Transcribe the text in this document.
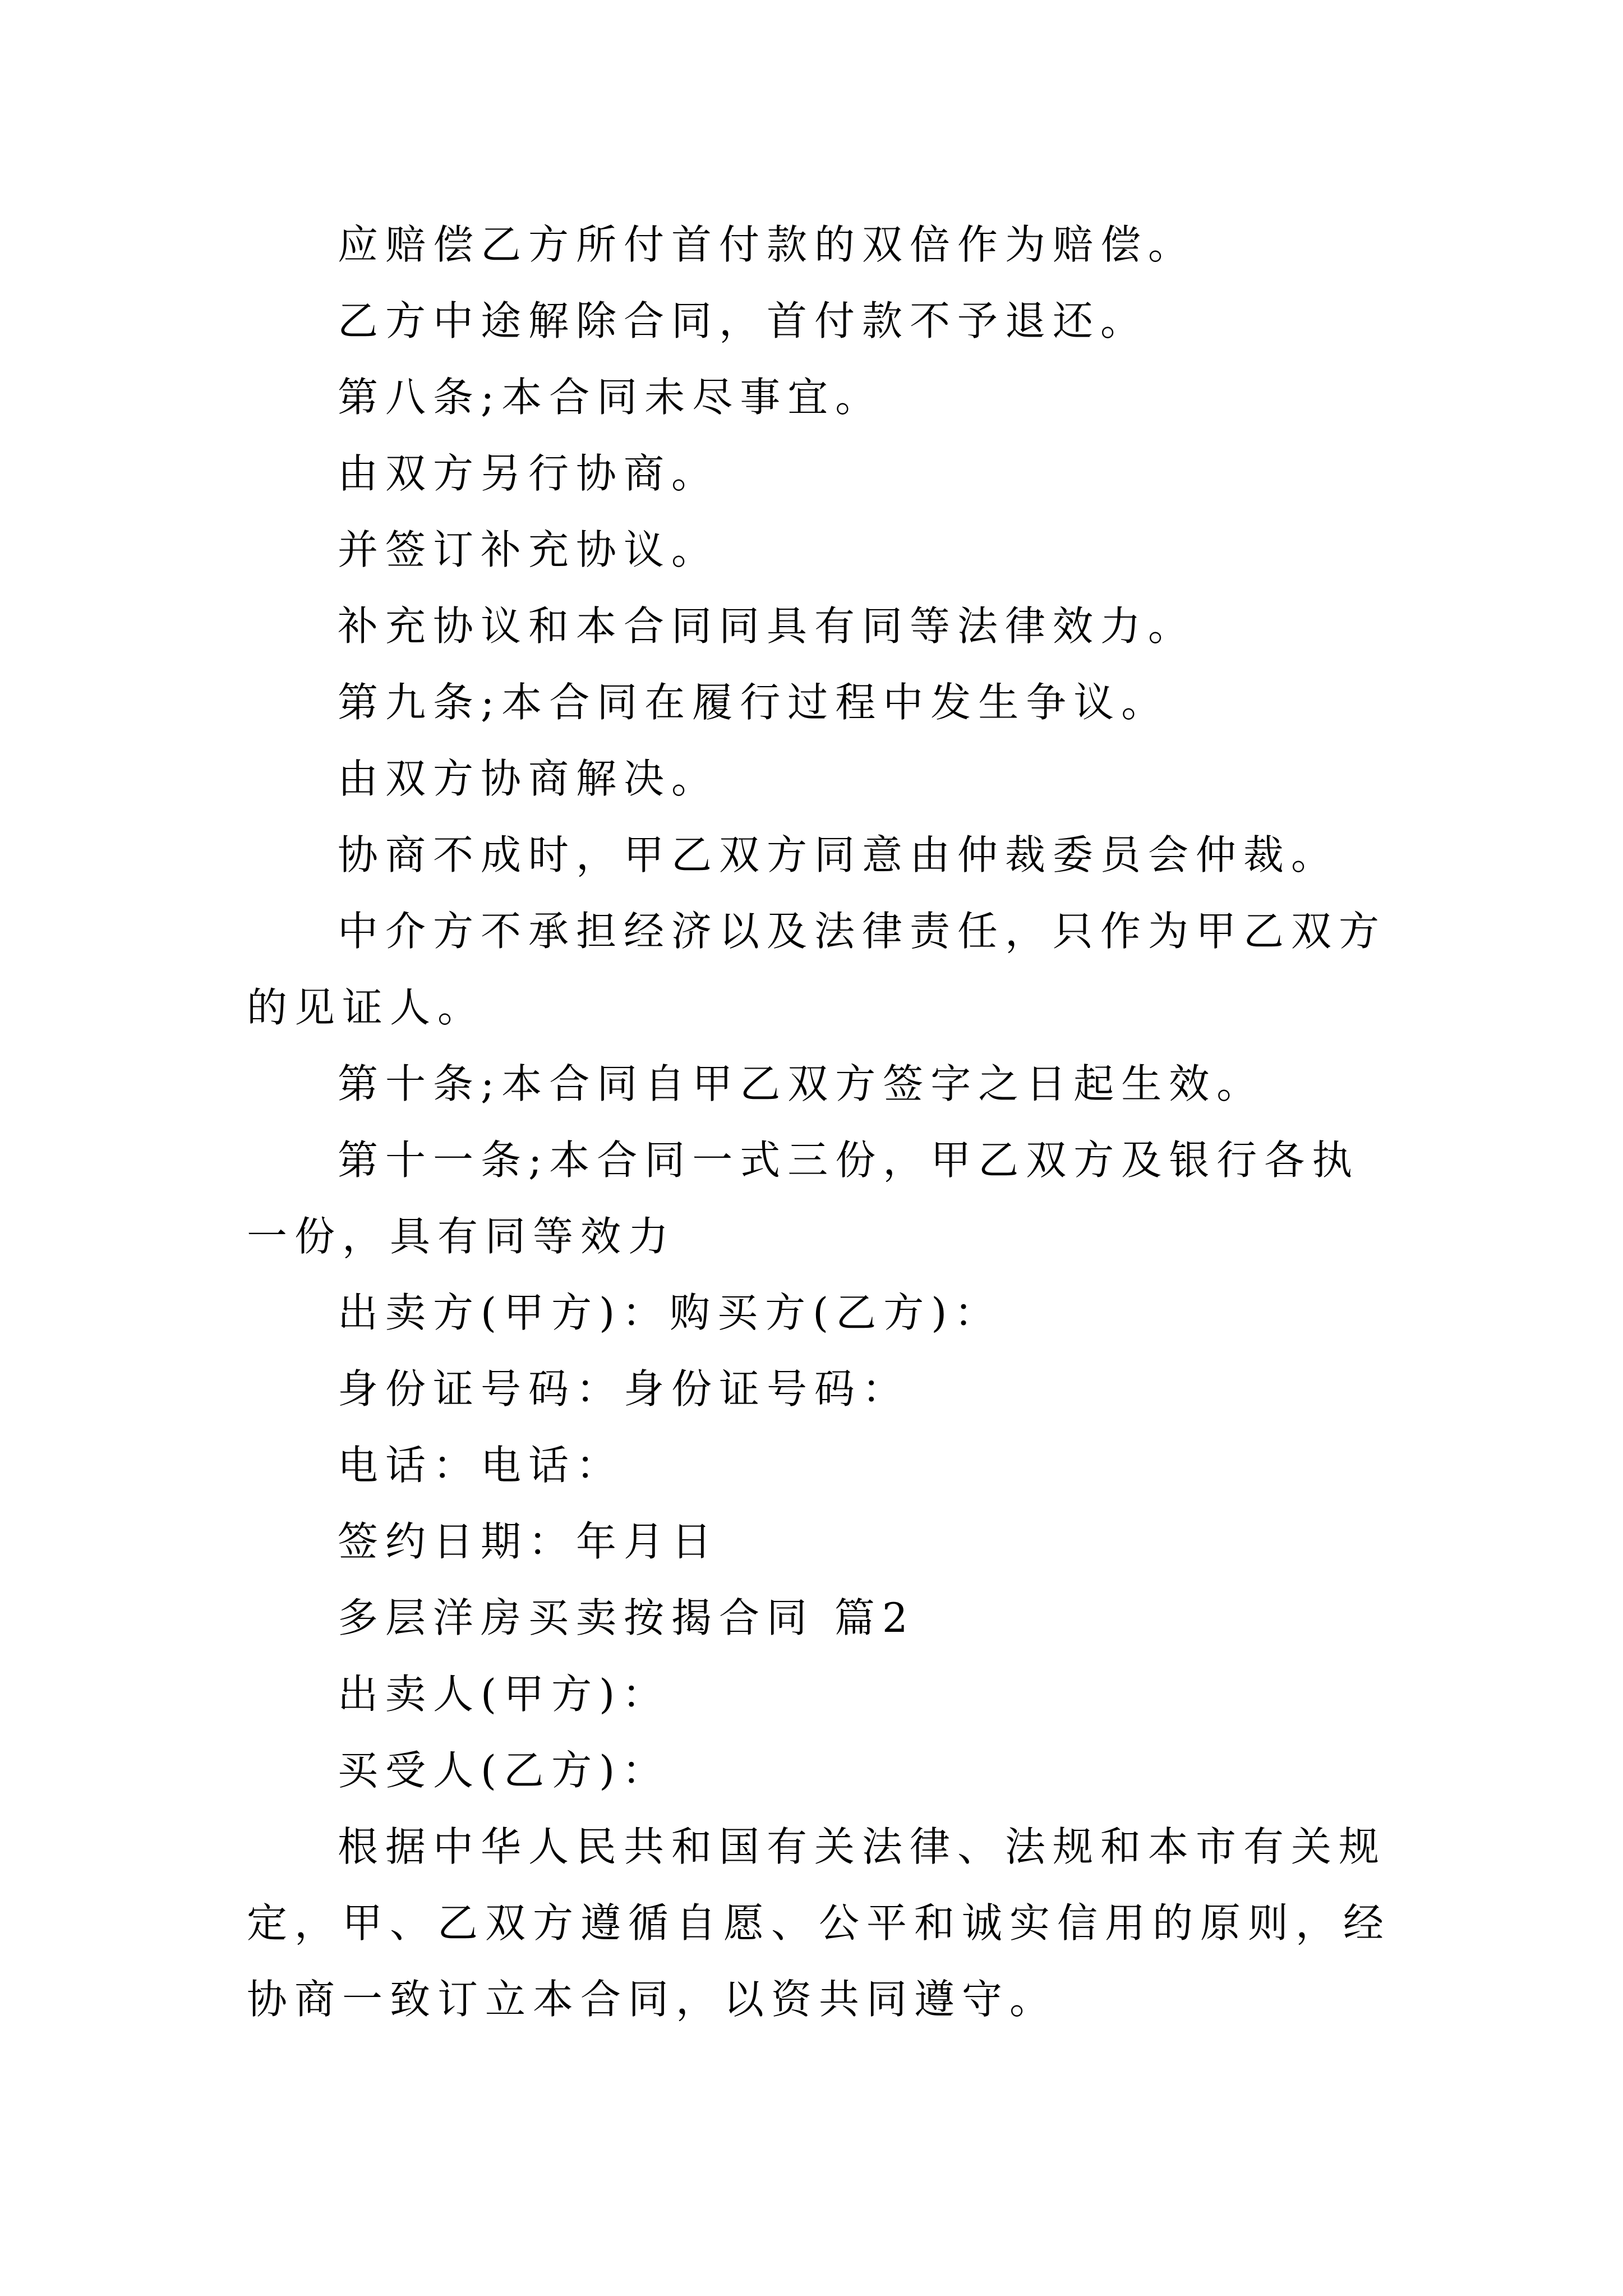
应赔偿乙方所付首付款的双倍作为赔偿。

乙方中途解除合同，首付款不予退还。

第八条;本合同未尽事宜。

由双方另行协商。

并签订补充协议。

补充协议和本合同同具有同等法律效力。

第九条;本合同在履行过程中发生争议。

由双方协商解决。

协商不成时，甲乙双方同意由仲裁委员会仲裁。

中介方不承担经济以及法律责任，只作为甲乙双方的见证人。

第十条;本合同自甲乙双方签字之日起生效。

第十一条;本合同一式三份，甲乙双方及银行各执一份，具有同等效力

出卖方(甲方)：购买方(乙方)：

身份证号码：身份证号码：

电话：电话：

签约日期：年月日

多层洋房买卖按揭合同 篇2

出卖人(甲方)：

买受人(乙方)：

根据中华人民共和国有关法律、法规和本市有关规定，甲、乙双方遵循自愿、公平和诚实信用的原则，经协商一致订立本合同，以资共同遵守。
